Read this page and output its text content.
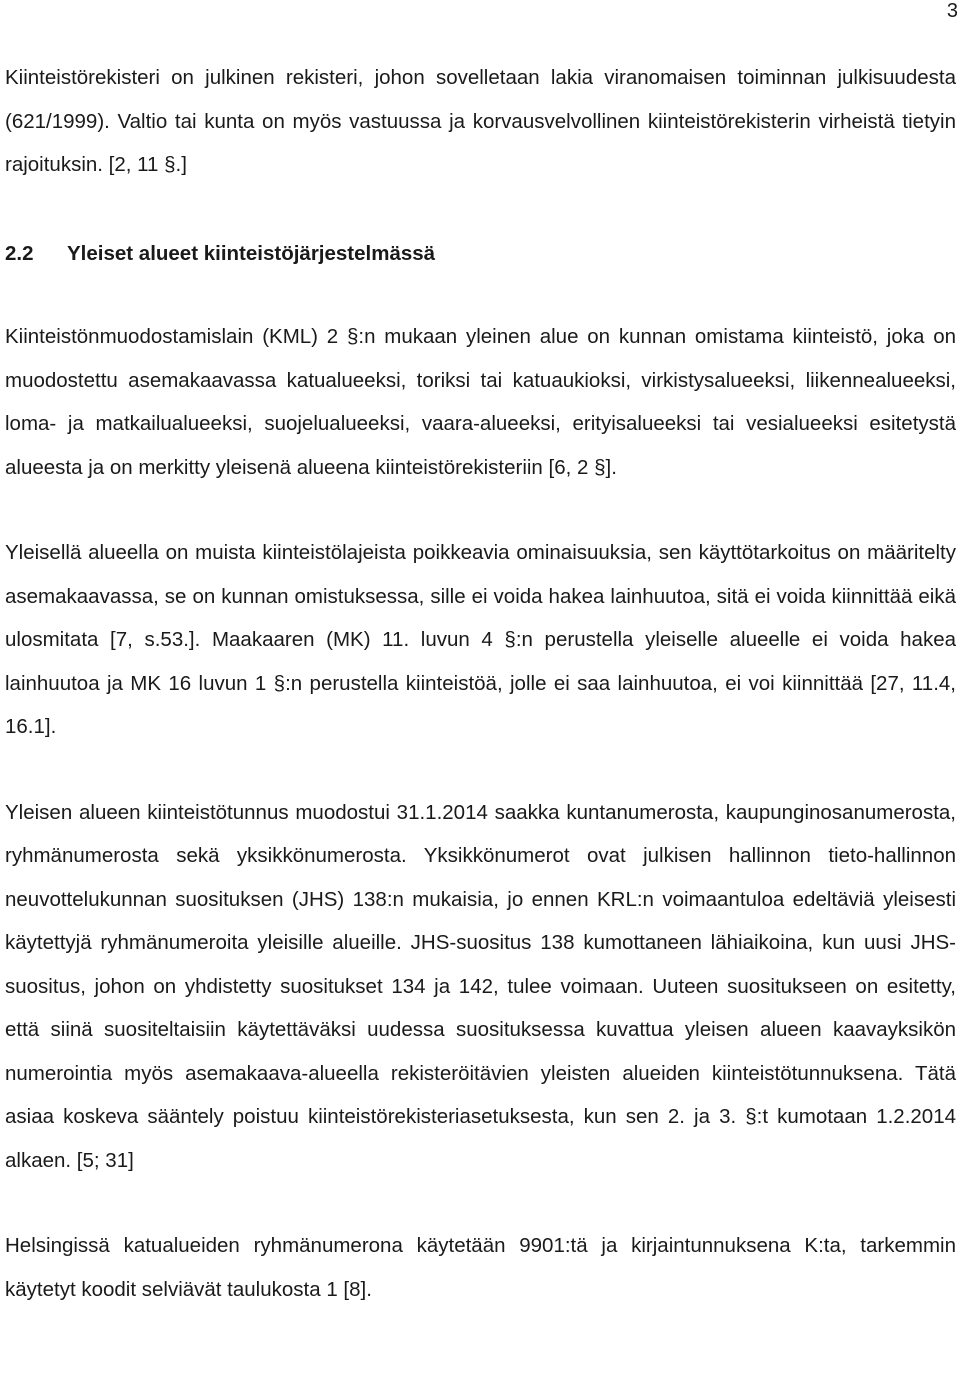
3

Kiinteistörekisteri on julkinen rekisteri, johon sovelletaan lakia viranomaisen toiminnan julkisuudesta (621/1999). Valtio tai kunta on myös vastuussa ja korvausvelvollinen kiinteistörekisterin virheistä tietyin rajoituksin. [2, 11 §.]

2.2 Yleiset alueet kiinteistöjärjestelmässä

Kiinteistönmuodostamislain (KML) 2 §:n mukaan yleinen alue on kunnan omistama kiinteistö, joka on muodostettu asemakaavassa katualueeksi, toriksi tai katuaukioksi, virkistysalueeksi, liikennealueeksi, loma- ja matkailualueeksi, suojelualueeksi, vaara-alueeksi, erityisalueeksi tai vesialueeksi esitetystä alueesta ja on merkitty yleisenä alueena kiinteistörekisteriin [6, 2 §].

Yleisellä alueella on muista kiinteistölajeista poikkeavia ominaisuuksia, sen käyttötarkoitus on määritelty asemakaavassa, se on kunnan omistuksessa, sille ei voida hakea lainhuutoa, sitä ei voida kiinnittää eikä ulosmitata [7, s.53.]. Maakaaren (MK) 11. luvun 4 §:n perustella yleiselle alueelle ei voida hakea lainhuutoa ja MK 16 luvun 1 §:n perustella kiinteistöä, jolle ei saa lainhuutoa, ei voi kiinnittää [27, 11.4, 16.1].

Yleisen alueen kiinteistötunnus muodostui 31.1.2014 saakka kuntanumerosta, kaupunginosanumerosta, ryhmänumerosta sekä yksikkönumerosta. Yksikkönumerot ovat julkisen hallinnon tieto-hallinnon neuvottelukunnan suosituksen (JHS) 138:n mukaisia, jo ennen KRL:n voimaantuloa edeltäviä yleisesti käytettyjä ryhmänumeroita yleisille alueille. JHS-suositus 138 kumottaneen lähiaikoina, kun uusi JHS-suositus, johon on yhdistetty suositukset 134 ja 142, tulee voimaan. Uuteen suositukseen on esitetty, että siinä suositeltaisiin käytettäväksi uudessa suosituksessa kuvattua yleisen alueen kaavayksikön numerointia myös asemakaava-alueella rekisteröitävien yleisten alueiden kiinteistötunnuksena. Tätä asiaa koskeva sääntely poistuu kiinteistörekisteriasetuksesta, kun sen 2. ja 3. §:t kumotaan 1.2.2014 alkaen. [5; 31]

Helsingissä katualueiden ryhmänumerona käytetään 9901:tä ja kirjaintunnuksena K:ta, tarkemmin käytetyt koodit selviävät taulukosta 1 [8].
